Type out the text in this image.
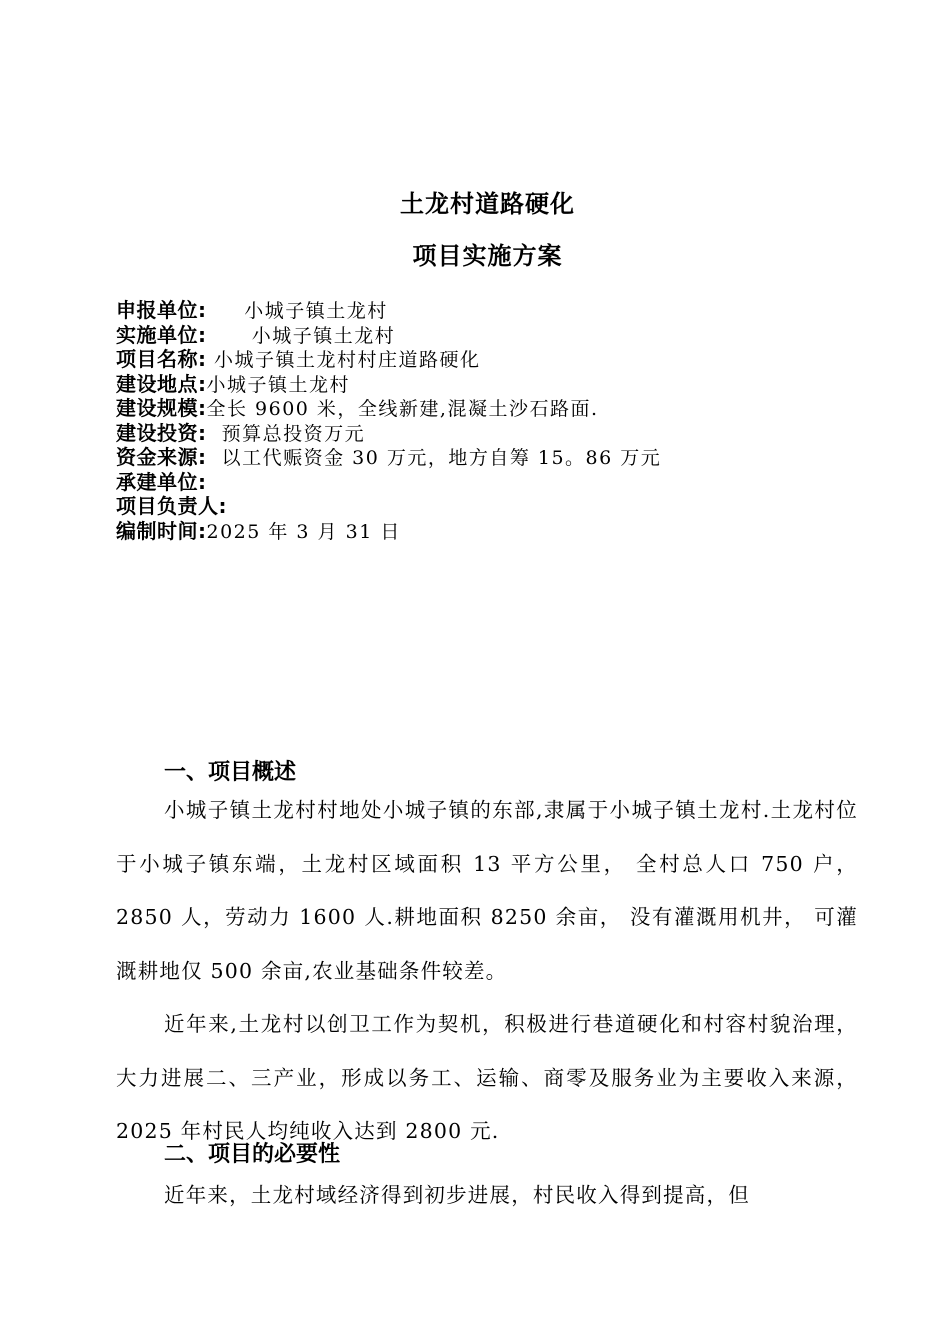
土龙村道路硬化
项目实施方案
申报单位:     小城子镇土龙村
实施单位:      小城子镇土龙村
项目名称: 小城子镇土龙村村庄道路硬化
建设地点:小城子镇土龙村
建设规模:全长 9600 米，全线新建,混凝土沙石路面.
建设投资:  预算总投资万元
资金来源:  以工代赈资金 30 万元，地方自筹 15。86 万元
承建单位:
项目负责人:
编制时间:2025 年 3 月 31 日
一、项目概述

小城子镇土龙村村地处小城子镇的东部,隶属于小城子镇土龙村.土龙村位于小城子镇东端，土龙村区域面积 13 平方公里， 全村总人口 750 户， 2850 人，劳动力 1600 人.耕地面积 8250 余亩， 没有灌溉用机井， 可灌溉耕地仅 500 余亩,农业基础条件较差。

近年来,土龙村以创卫工作为契机，积极进行巷道硬化和村容村貌治理，大力进展二、三产业，形成以务工、运输、商零及服务业为主要收入来源，2025 年村民人均纯收入达到 2800 元.

二、项目的必要性

近年来，土龙村域经济得到初步进展，村民收入得到提高，但
